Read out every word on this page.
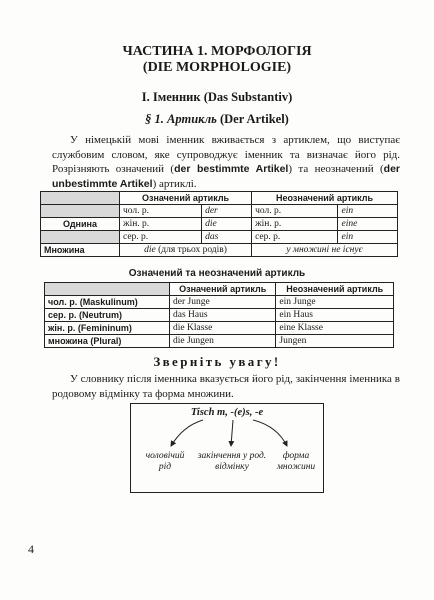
ЧАСТИНА 1. МОРФОЛОГІЯ
(DIE MORPHOLOGIE)
I. Іменник (Das Substantiv)
§ 1. Артикль (Der Artikel)

У німецькій мові іменник вживається з артиклем, що виступає службовим словом, яке супроводжує іменник та визначає його рід. Розрізняють означений (der bestimmte Artikel) та неозначений (der unbestimmte Artikel) артиклі.

	Означений артикль		Неозначений артикль	
	чол. р.	der	чол. р.	ein
Однина	жін. р.	die	жін. р.	eine
	сер. р.	das	сер. р.	ein
Множина	die (для трьох родів)		у множині не існує	
Означений та неозначений артикль
	Означений артикль	Неозначений артикль
чол. р. (Maskulinum)	der Junge	ein Junge
сер. р. (Neutrum)	das Haus	ein Haus
жін. р. (Femininum)	die Klasse	eine Klasse
множина (Plural)	die Jungen	Jungen
Зверніть увагу!

У словнику після іменника вказується його рід, закінчення іменника в родовому відмінку та форма множини.

Tisch m, -(e)s, -e
чоловічий
рід
закінчення у род.
відмінку
форма
множини
4
